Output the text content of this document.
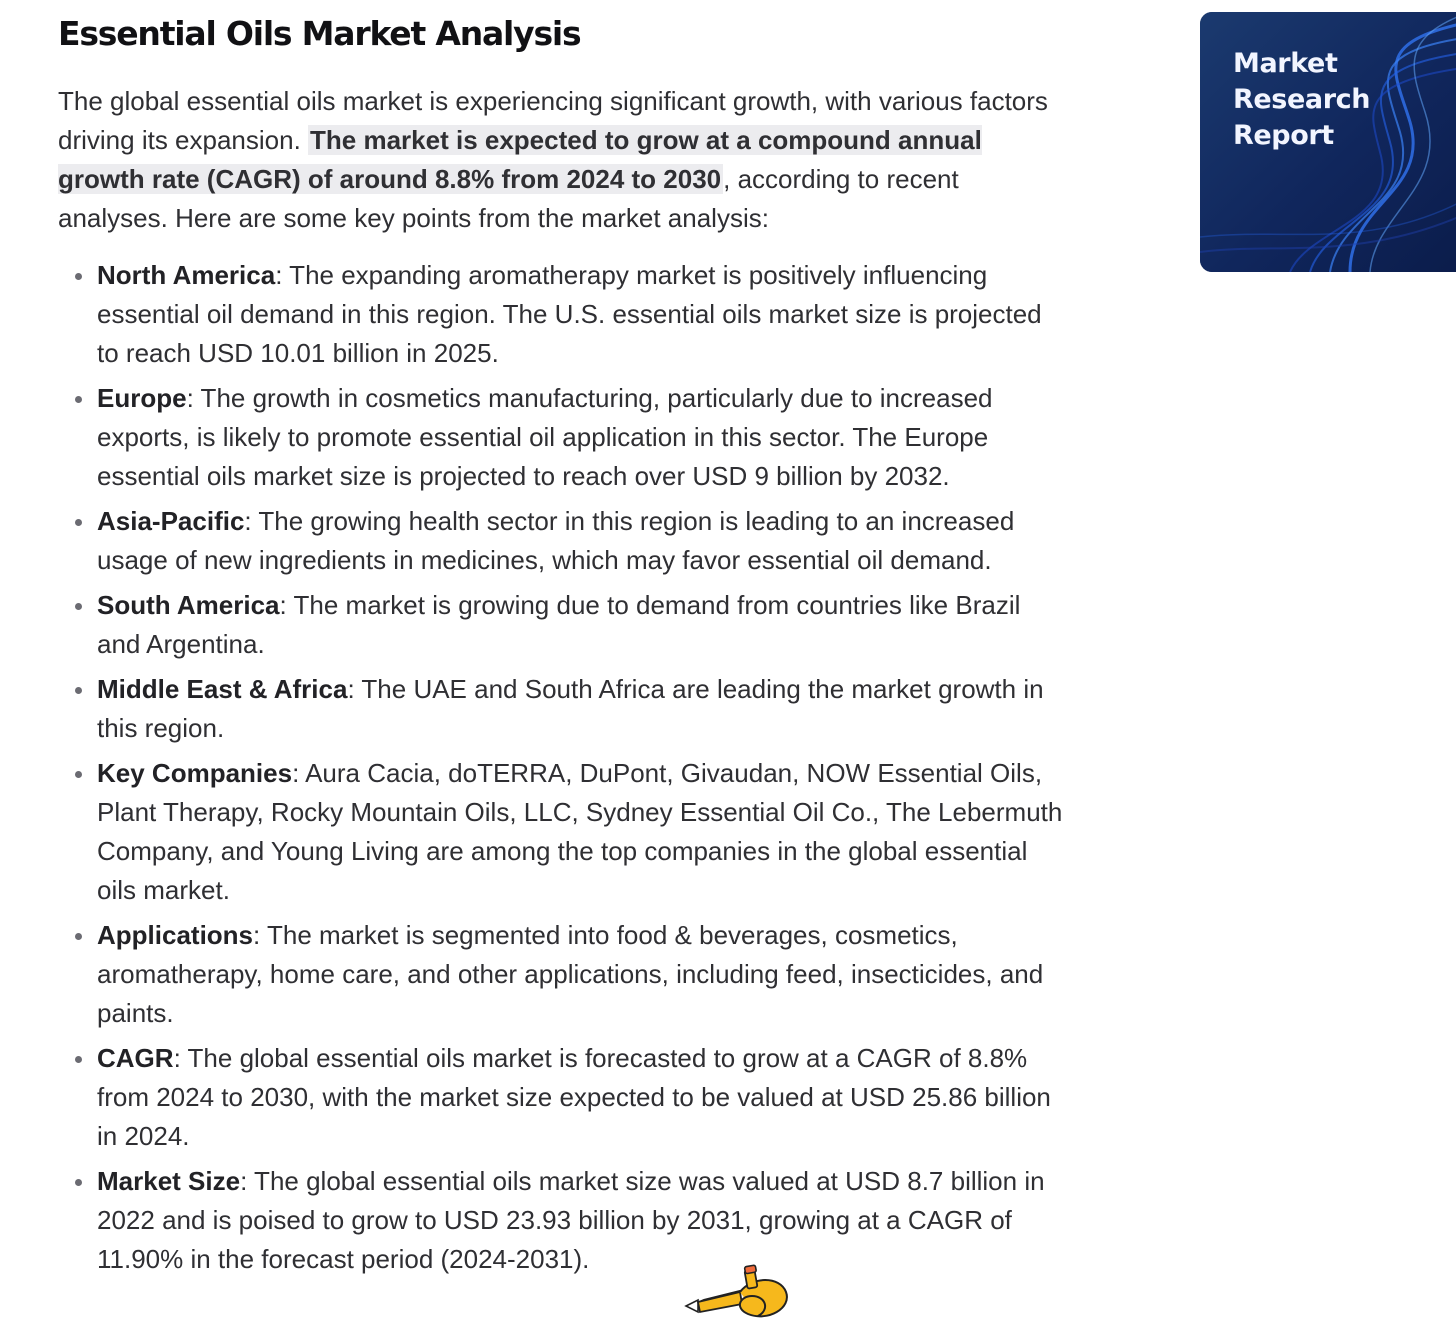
Essential Oils Market Analysis

The global essential oils market is experiencing significant growth, with various factors driving its expansion. The market is expected to grow at a compound annual growth rate (CAGR) of around 8.8% from 2024 to 2030, according to recent analyses. Here are some key points from the market analysis:

North America: The expanding aromatherapy market is positively influencing essential oil demand in this region. The U.S. essential oils market size is projected to reach USD 10.01 billion in 2025.
Europe: The growth in cosmetics manufacturing, particularly due to increased exports, is likely to promote essential oil application in this sector. The Europe essential oils market size is projected to reach over USD 9 billion by 2032.
Asia-Pacific: The growing health sector in this region is leading to an increased usage of new ingredients in medicines, which may favor essential oil demand.
South America: The market is growing due to demand from countries like Brazil and Argentina.
Middle East & Africa: The UAE and South Africa are leading the market growth in this region.
Key Companies: Aura Cacia, doTERRA, DuPont, Givaudan, NOW Essential Oils, Plant Therapy, Rocky Mountain Oils, LLC, Sydney Essential Oil Co., The Lebermuth Company, and Young Living are among the top companies in the global essential oils market.
Applications: The market is segmented into food & beverages, cosmetics, aromatherapy, home care, and other applications, including feed, insecticides, and paints.
CAGR: The global essential oils market is forecasted to grow at a CAGR of 8.8% from 2024 to 2030, with the market size expected to be valued at USD 25.86 billion in 2024.
Market Size: The global essential oils market size was valued at USD 8.7 billion in 2022 and is poised to grow to USD 23.93 billion by 2031, growing at a CAGR of 11.90% in the forecast period (2024-2031).
Market
Research
Report
